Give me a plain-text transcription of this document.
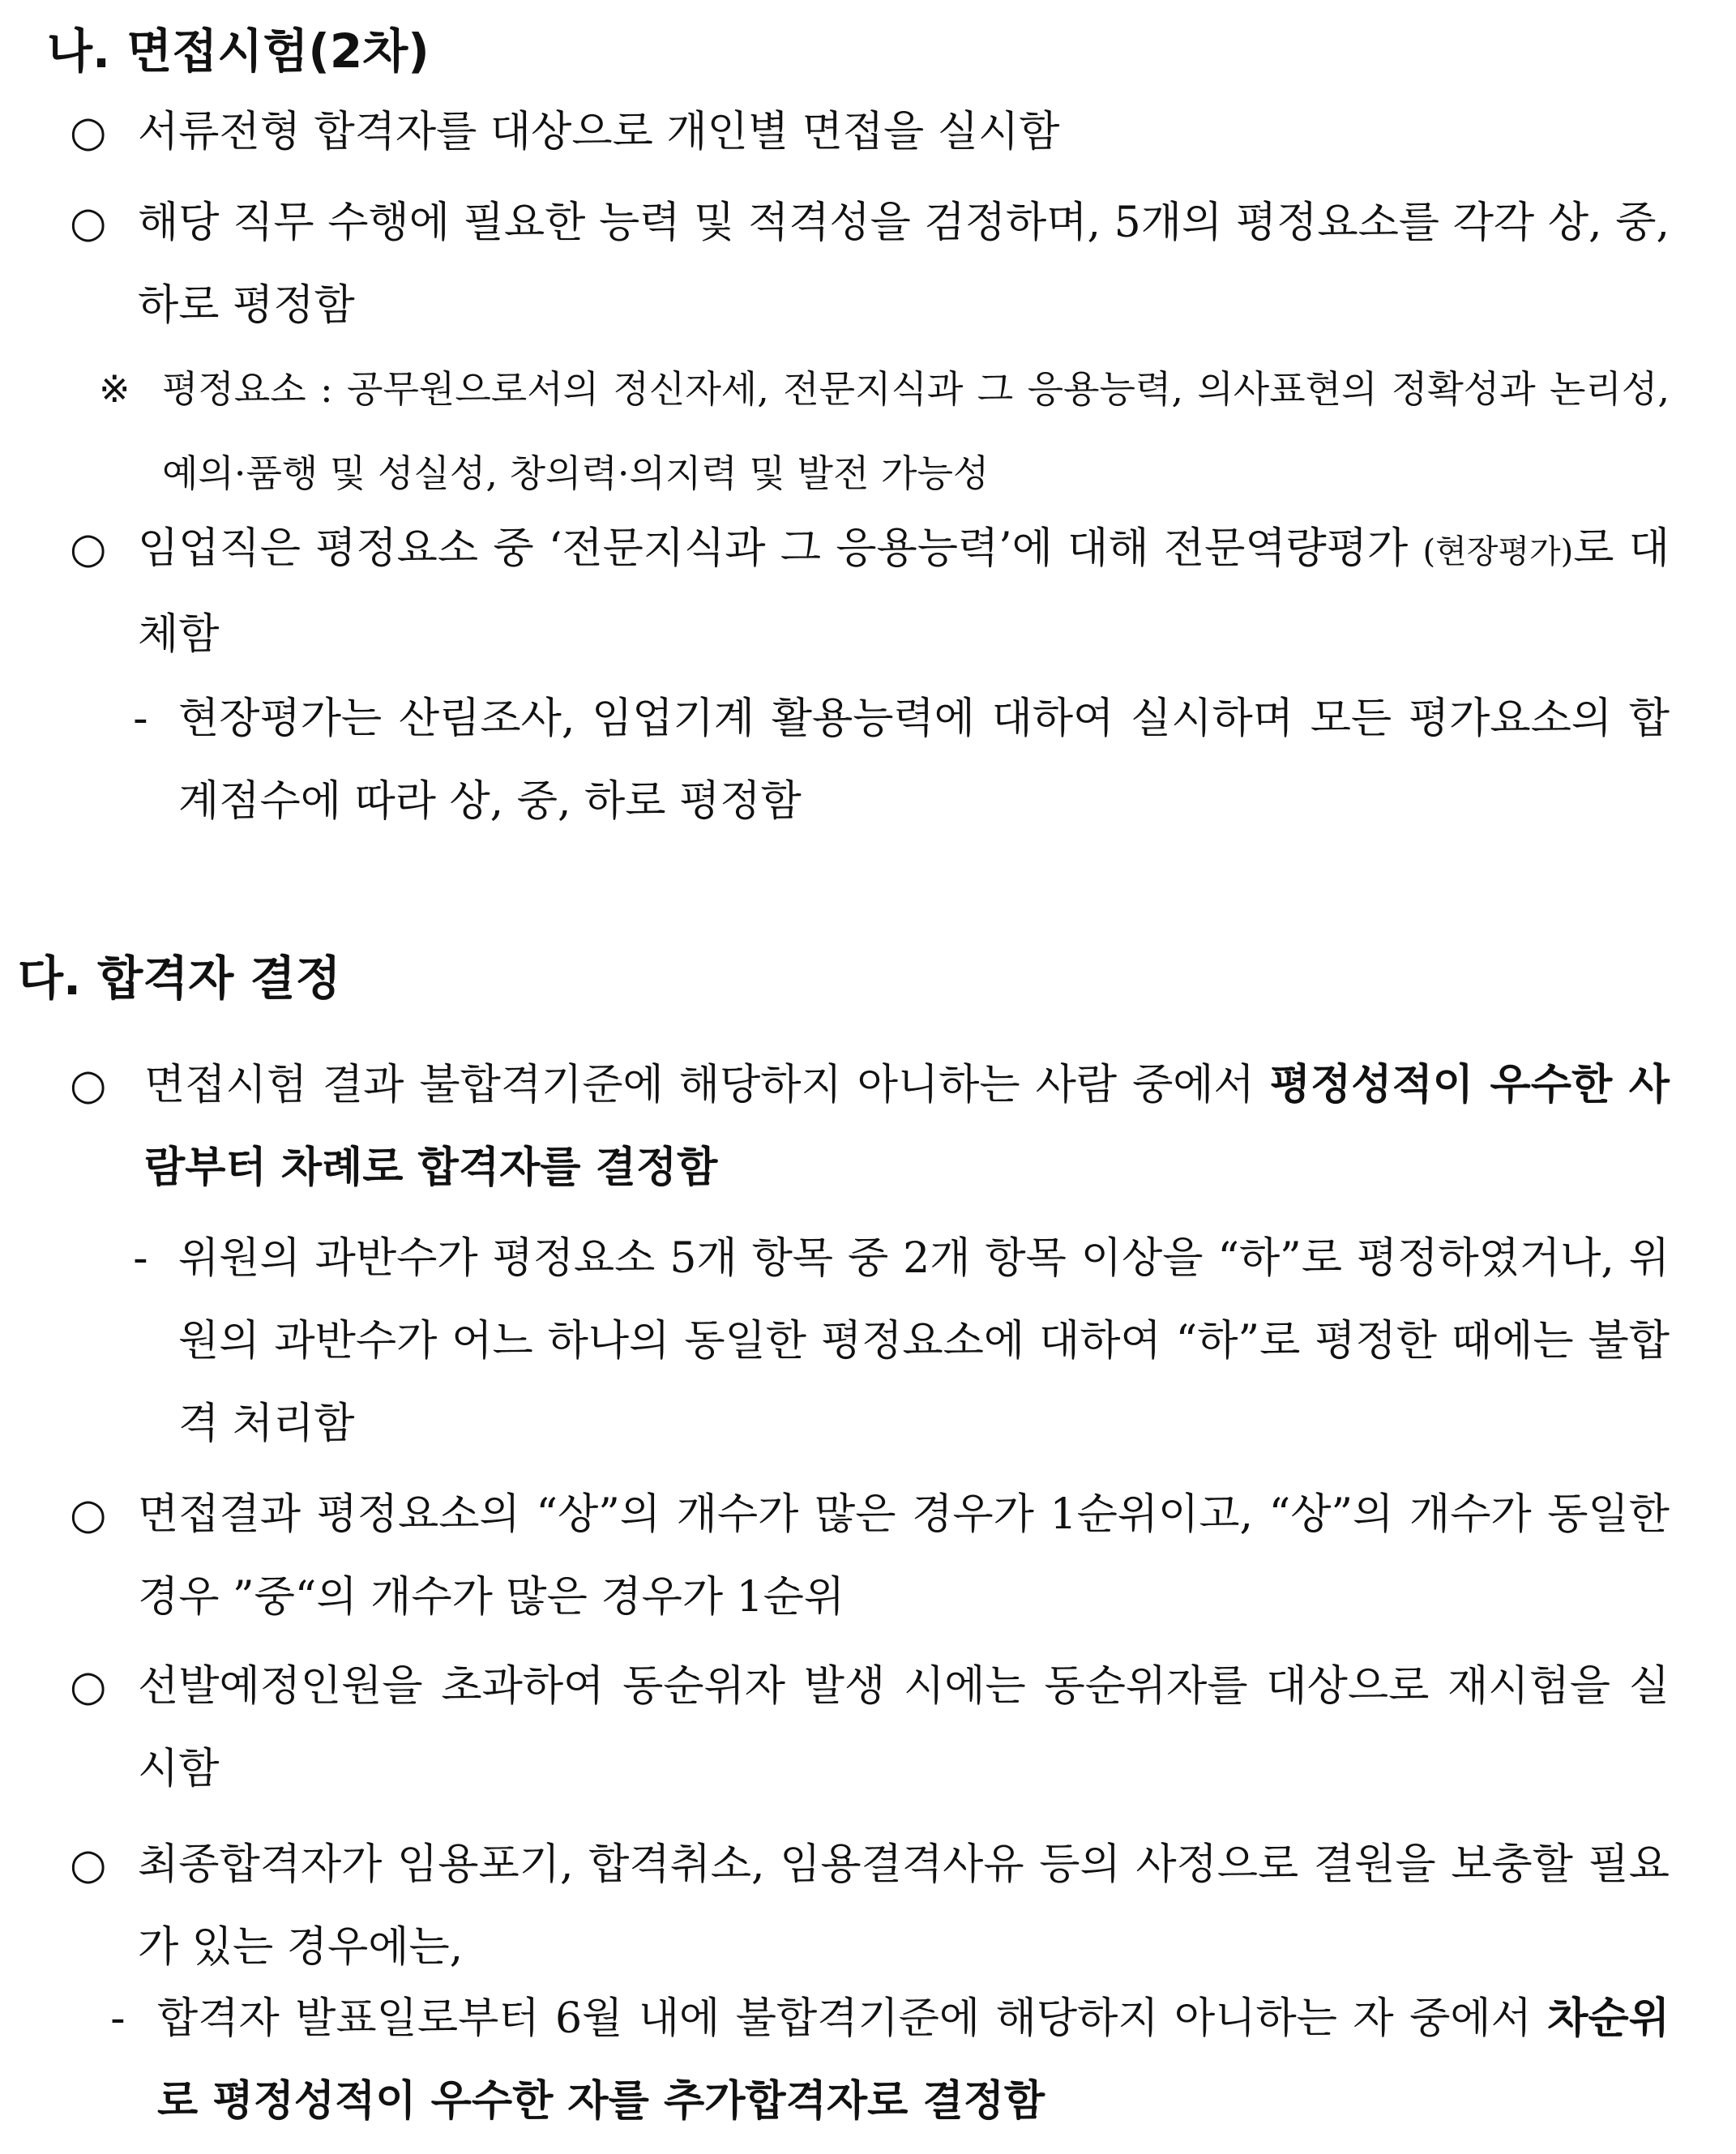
나. 면접시험(2차)
○ 서류전형 합격자를 대상으로 개인별 면접을 실시함
○ 해당 직무 수행에 필요한 능력 및 적격성을 검정하며, 5개의 평정요소를 각각 상, 중, 하로 평정함
※ 평정요소 : 공무원으로서의 정신자세, 전문지식과 그 응용능력, 의사표현의 정확성과 논리성, 예의·품행 및 성실성, 창의력·의지력 및 발전 가능성
○ 임업직은 평정요소 중 ‘전문지식과 그 응용능력’에 대해 전문역량평가 (현장평가)로 대체함
- 현장평가는 산림조사, 임업기계 활용능력에 대하여 실시하며 모든 평가요소의 합계점수에 따라 상, 중, 하로 평정함
다. 합격자 결정
○ 면접시험 결과 불합격기준에 해당하지 아니하는 사람 중에서 평정성적이 우수한 사람부터 차례로 합격자를 결정함
- 위원의 과반수가 평정요소 5개 항목 중 2개 항목 이상을 “하”로 평정하였거나, 위원의 과반수가 어느 하나의 동일한 평정요소에 대하여 “하”로 평정한 때에는 불합격 처리함
○ 면접결과 평정요소의 “상”의 개수가 많은 경우가 1순위이고, “상”의 개수가 동일한 경우 ”중“의 개수가 많은 경우가 1순위
○ 선발예정인원을 초과하여 동순위자 발생 시에는 동순위자를 대상으로 재시험을 실시함
○ 최종합격자가 임용포기, 합격취소, 임용결격사유 등의 사정으로 결원을 보충할 필요가 있는 경우에는,
- 합격자 발표일로부터 6월 내에 불합격기준에 해당하지 아니하는 자 중에서 차순위로 평정성적이 우수한 자를 추가합격자로 결정함
